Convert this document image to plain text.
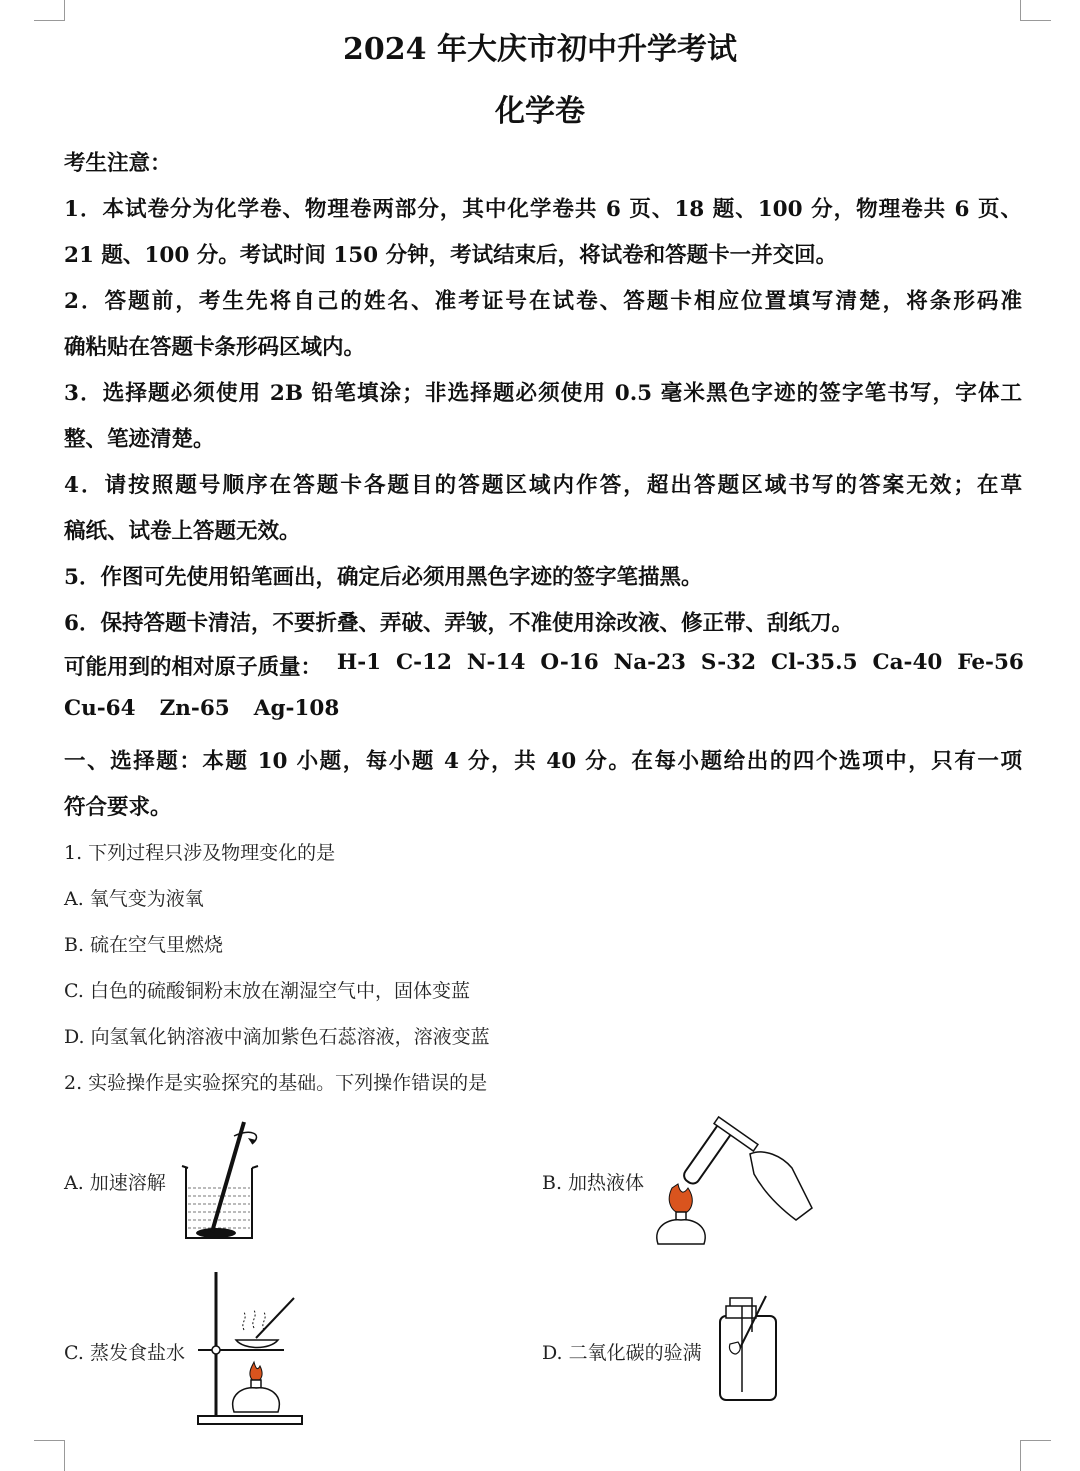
2024 年大庆市初中升学考试
化学卷
考生注意：
1．本试卷分为化学卷、物理卷两部分，其中化学卷共 6 页、18 题、100 分，物理卷共 6 页、
21 题、100 分。考试时间 150 分钟，考试结束后，将试卷和答题卡一并交回。
2．答题前，考生先将自己的姓名、准考证号在试卷、答题卡相应位置填写清楚，将条形码准
确粘贴在答题卡条形码区域内。
3．选择题必须使用 2B 铅笔填涂；非选择题必须使用 0.5 毫米黑色字迹的签字笔书写，字体工
整、笔迹清楚。
4．请按照题号顺序在答题卡各题目的答题区域内作答，超出答题区域书写的答案无效；在草
稿纸、试卷上答题无效。
5．作图可先使用铅笔画出，确定后必须用黑色字迹的签字笔描黑。
6．保持答题卡清洁，不要折叠、弄破、弄皱，不准使用涂改液、修正带、刮纸刀。
可能用到的相对原子质量： H-1 C-12 N-14 O-16 Na-23 S-32 Cl-35.5 Ca-40 Fe-56
Cu-64 Zn-65 Ag-108
一、选择题：本题 10 小题，每小题 4 分，共 40 分。在每小题给出的四个选项中，只有一项
符合要求。
1. 下列过程只涉及物理变化的是
A. 氧气变为液氧
B. 硫在空气里燃烧
C. 白色的硫酸铜粉末放在潮湿空气中，固体变蓝
D. 向氢氧化钠溶液中滴加紫色石蕊溶液，溶液变蓝
2. 实验操作是实验探究的基础。下列操作错误的是
A. 加速溶解	B. 加热液体
C. 蒸发食盐水	D. 二氧化碳的验满
